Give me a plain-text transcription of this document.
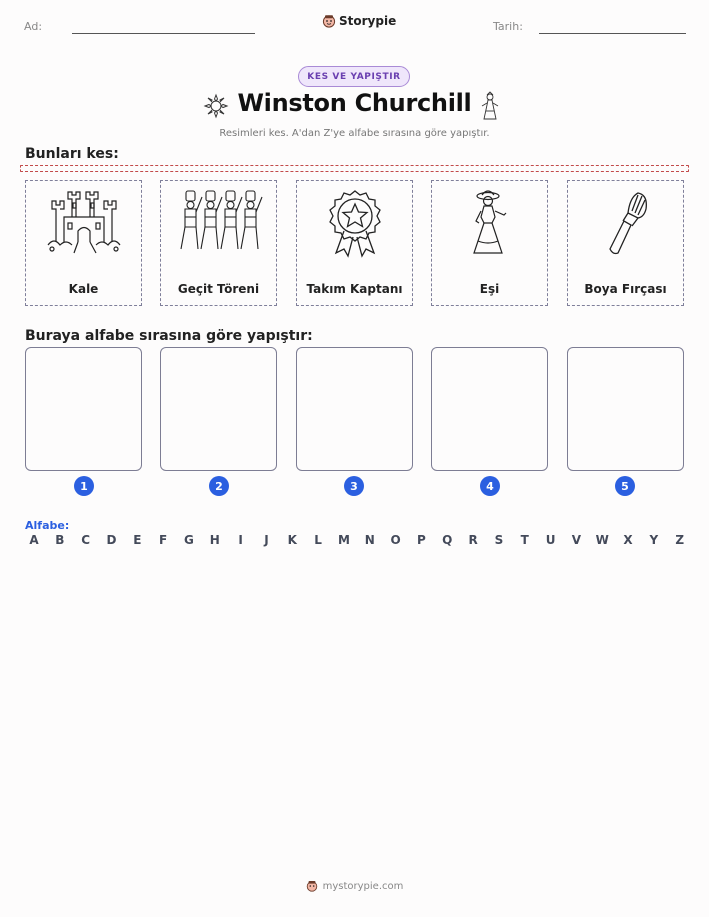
Ad:	Storypie	Tarih:
KES VE YAPIŞTIR
Winston Churchill
Resimleri kes. A'dan Z'ye alfabe sırasına göre yapıştır.
Bunları kes:
Kale	Geçit Töreni	Takım Kaptanı	Eşi	Boya Fırçası
Buraya alfabe sırasına göre yapıştır:
1	2	3	4	5
Alfabe:
A B C D E F G H	I	J	K L M N O P Q R S T U V W X Y Z
mystorypie.com
